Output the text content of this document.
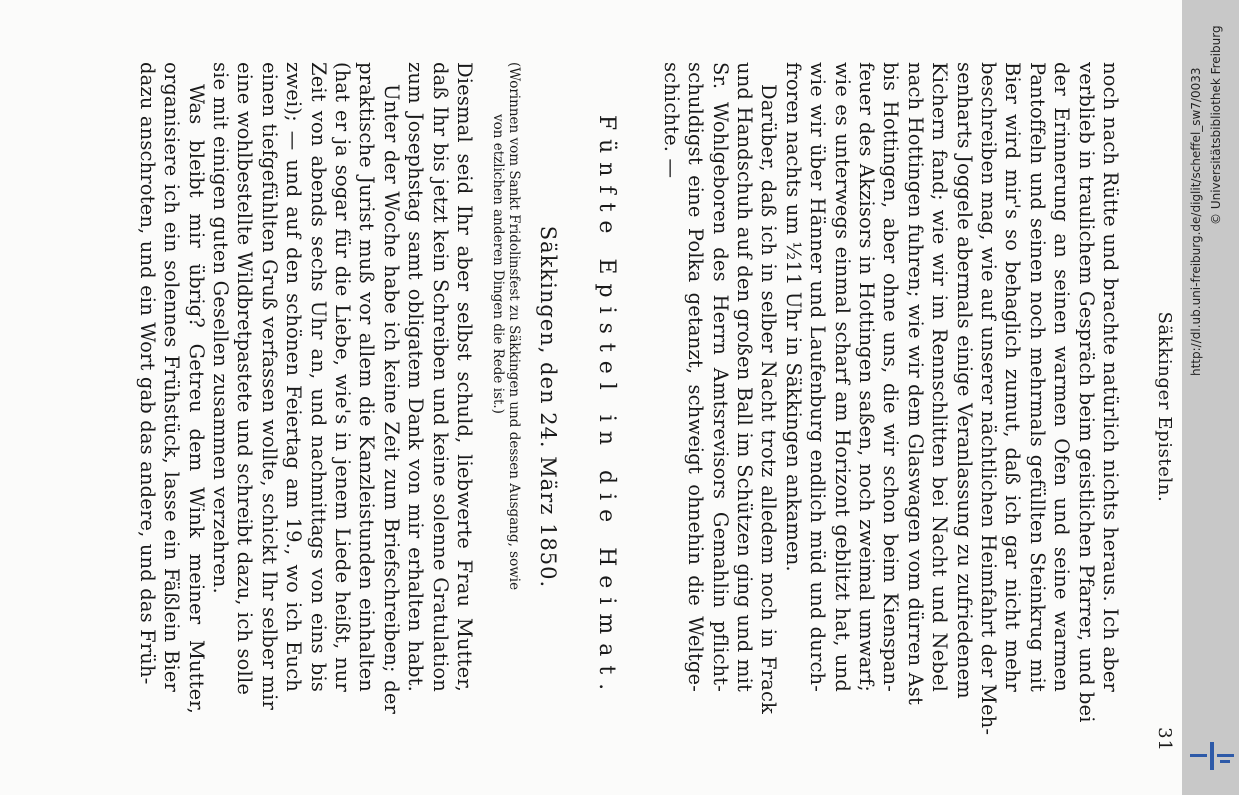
Säkkinger Episteln.
31
noch nach Rütte und brachte natürlich nichts heraus. Ich aber
verblieb in traulichem Gespräch beim geistlichen Pfarrer, und bei
der Erinnerung an seinen warmen Ofen und seine warmen
Pantoffeln und seinen noch mehrmals gefüllten Steinkrug mit
Bier wird mir's so behaglich zumut, daß ich gar nicht mehr
beschreiben mag, wie auf unserer nächtlichen Heimfahrt der Meh-
senharts Joggele abermals einige Veranlassung zu zufriedenem
Kichern fand; wie wir im Rennschlitten bei Nacht und Nebel
nach Hottingen fuhren; wie wir dem Glaswagen vom dürren Ast
bis Hottingen, aber ohne uns, die wir schon beim Kienspan-
feuer des Akzisors in Hottingen saßen, noch zweimal umwarf;
wie es unterwegs einmal scharf am Horizont geblitzt hat, und
wie wir über Hänner und Laufenburg endlich müd und durch-
froren nachts um ½11 Uhr in Säkkingen ankamen.
Darüber, daß ich in selber Nacht trotz alledem noch in Frack
und Handschuh auf den großen Ball im Schützen ging und mit
Sr. Wohlgeboren des Herrn Amtsrevisors Gemahlin pflicht-
schuldigst eine Polka getanzt, schweigt ohnehin die Weltge-
schichte. —
Fünfte Epistel in die Heimat.
Säkkingen, den 24. März 1850.
(Worinnen vom Sankt Fridolinsfest zu Säkkingen und dessen Ausgang, sowie
von etzlichen anderen Dingen die Rede ist.)
Diesmal seid Ihr aber selbst schuld, liebwerte Frau Mutter,
daß Ihr bis jetzt kein Schreiben und keine solenne Gratulation
zum Josephstag samt obligatem Dank von mir erhalten habt.
Unter der Woche habe ich keine Zeit zum Briefschreiben; der
praktische Jurist muß vor allem die Kanzleistunden einhalten
(hat er ja sogar für die Liebe, wie's in jenem Liede heißt, nur
Zeit von abends sechs Uhr an, und nachmittags von eins bis
zwei); — und auf den schönen Feiertag am 19., wo ich Euch
einen tiefgefühlten Gruß verfassen wollte, schickt Ihr selber mir
eine wohlbestellte Wildbretpastete und schreibt dazu, ich solle
sie mit einigen guten Gesellen zusammen verzehren.
Was bleibt mir übrig? Getreu dem Wink meiner Mutter,
organisiere ich ein solennes Frühstück, lasse ein Fäßlein Bier
dazu anschroten, und ein Wort gab das andere, und das Früh-	http://dl.ub.uni-freiburg.de/diglit/scheffel_sw7/0033 © Universitätsbibliothek Freiburg
